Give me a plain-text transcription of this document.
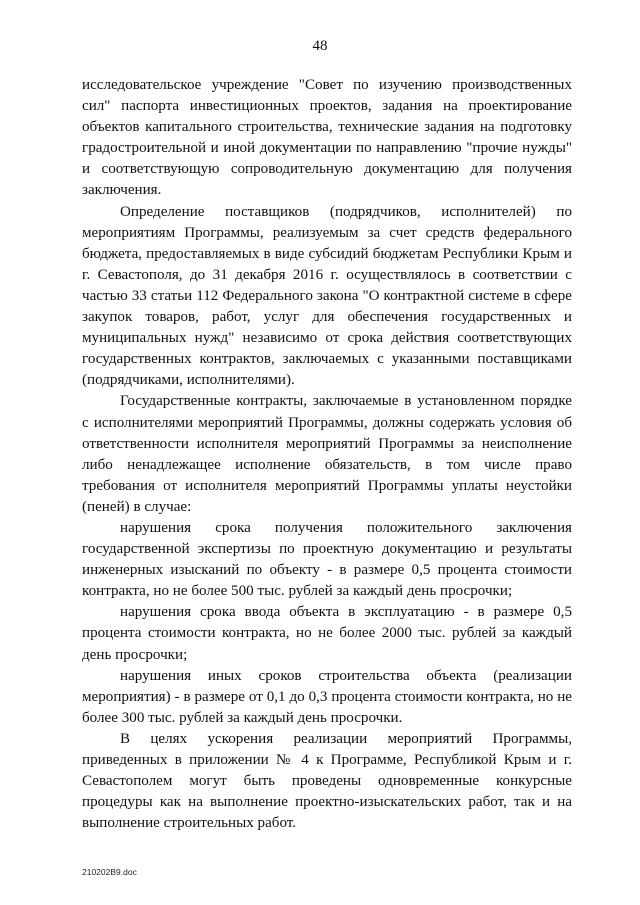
48

исследовательское учреждение "Совет по изучению производственных сил" паспорта инвестиционных проектов, задания на проектирование объектов капитального строительства, технические задания на подготовку градостроительной и иной документации по направлению "прочие нужды" и соответствующую сопроводительную документацию для получения заключения.

Определение поставщиков (подрядчиков, исполнителей) по мероприятиям Программы, реализуемым за счет средств федерального бюджета, предоставляемых в виде субсидий бюджетам Республики Крым и г. Севастополя, до 31 декабря 2016 г. осуществлялось в соответствии с частью 33 статьи 112 Федерального закона "О контрактной системе в сфере закупок товаров, работ, услуг для обеспечения государственных и муниципальных нужд" независимо от срока действия соответствующих государственных контрактов, заключаемых с указанными поставщиками (подрядчиками, исполнителями).

Государственные контракты, заключаемые в установленном порядке с исполнителями мероприятий Программы, должны содержать условия об ответственности исполнителя мероприятий Программы за неисполнение либо ненадлежащее исполнение обязательств, в том числе право требования от исполнителя мероприятий Программы уплаты неустойки (пеней) в случае:

нарушения срока получения положительного заключения государственной экспертизы по проектную документацию и результаты инженерных изысканий по объекту - в размере 0,5 процента стоимости контракта, но не более 500 тыс. рублей за каждый день просрочки;

нарушения срока ввода объекта в эксплуатацию - в размере 0,5 процента стоимости контракта, но не более 2000 тыс. рублей за каждый день просрочки;

нарушения иных сроков строительства объекта (реализации мероприятия) - в размере от 0,1 до 0,3 процента стоимости контракта, но не более 300 тыс. рублей за каждый день просрочки.

В целях ускорения реализации мероприятий Программы, приведенных в приложении № 4 к Программе, Республикой Крым и г. Севастополем могут быть проведены одновременные конкурсные процедуры как на выполнение проектно-изыскательских работ, так и на выполнение строительных работ.

210202B9.doc
